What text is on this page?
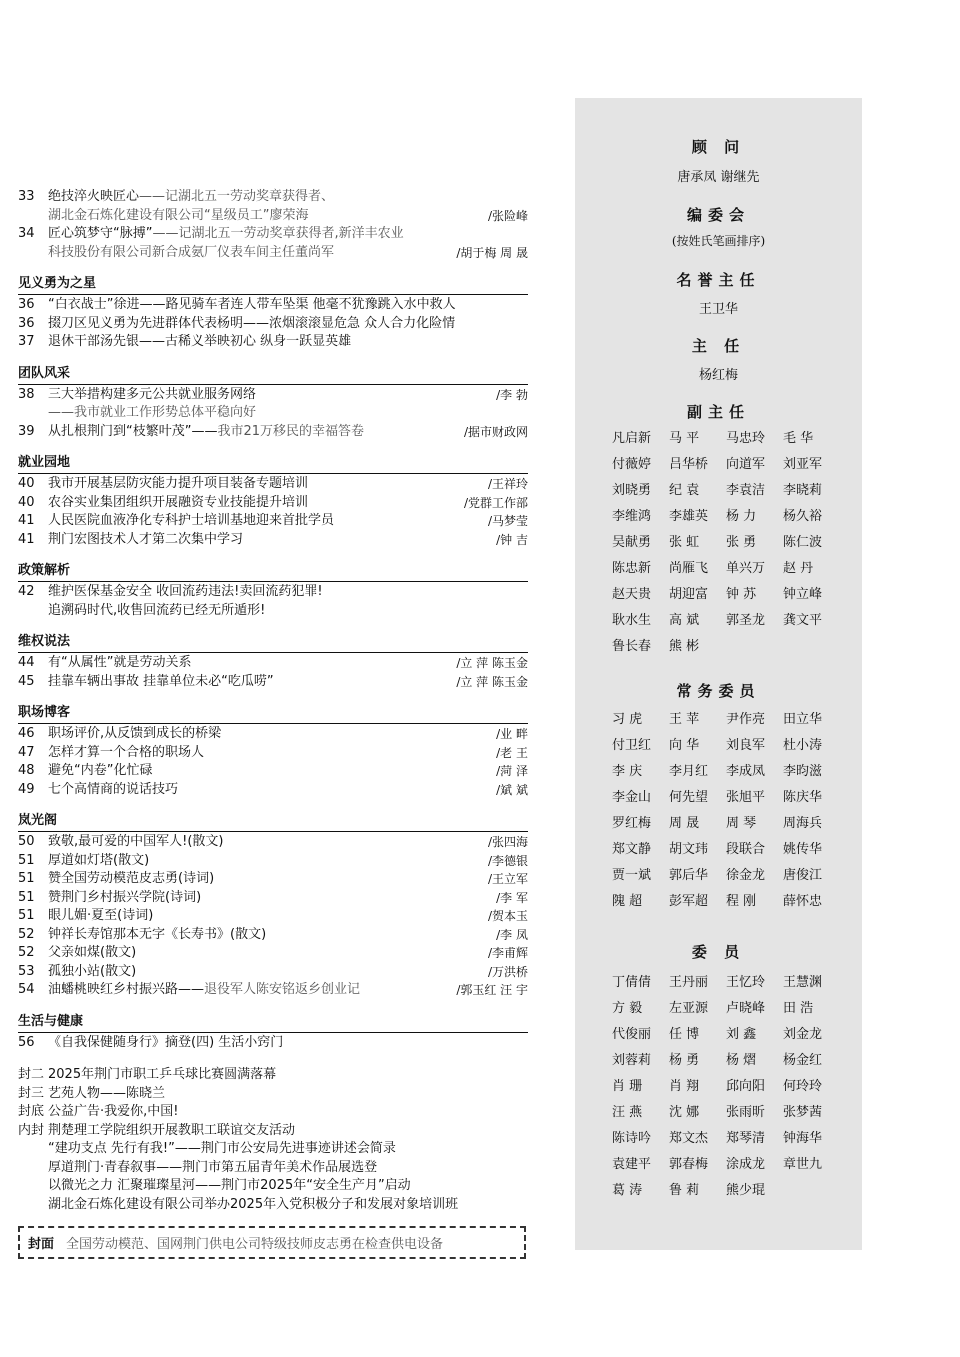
33	绝技淬火映匠心——记湖北五一劳动奖章获得者、
湖北金石炼化建设有限公司“星级员工”廖荣海	/张险峰
34	匠心筑梦守“脉搏”——记湖北五一劳动奖章获得者,新洋丰农业
科技股份有限公司新合成氨厂仪表车间主任董尚军	/胡于梅 周 晟
见义勇为之星
36	“白衣战士”徐进——路见骑车者连人带车坠渠 他毫不犹豫跳入水中救人
36	掇刀区见义勇为先进群体代表杨明——浓烟滚滚显危急 众人合力化险情
37	退休干部汤先银——古稀义举映初心 纵身一跃显英雄
团队风采
38	三大举措构建多元公共就业服务网络	/李 勃
——我市就业工作形势总体平稳向好
39	从扎根荆门到“枝繁叶茂”——我市21万移民的幸福答卷	/据市财政网
就业园地
40	我市开展基层防灾能力提升项目装备专题培训	/王祥玲
40	农谷实业集团组织开展融资专业技能提升培训	/党群工作部
41	人民医院血液净化专科护士培训基地迎来首批学员	/马梦莹
41	荆门宏图技术人才第二次集中学习	/钟 吉
政策解析
42	维护医保基金安全 收回流药违法!卖回流药犯罪!
追溯码时代,收售回流药已经无所遁形!
维权说法
44	有“从属性”就是劳动关系	/立 萍 陈玉金
45	挂靠车辆出事故 挂靠单位未必“吃瓜唠”	/立 萍 陈玉金
职场博客
46	职场评价,从反馈到成长的桥梁	/业 畔
47	怎样才算一个合格的职场人	/老 王
48	避免“内卷”化忙碌	/菏 泽
49	七个高情商的说话技巧	/斌 斌
岚光阁
50	致敬,最可爱的中国军人!(散文)	/张四海
51	厚道如灯塔(散文)	/李德银
51	赞全国劳动模范皮志勇(诗词)	/王立军
51	赞荆门乡村振兴学院(诗词)	/李 军
51	眼儿媚·夏至(诗词)	/贺本玉
52	钟祥长寿馆那本无字《长寿书》(散文)	/李 凤
52	父亲如煤(散文)	/李甫辉
53	孤独小站(散文)	/万洪桥
54	油蟠桃映红乡村振兴路——退役军人陈安铭返乡创业记	/郭玉红 汪 宇
生活与健康
56	《自我保健随身行》摘登(四) 生活小窍门
封二 2025年荆门市职工乒乓球比赛圆满落幕
封三 艺苑人物——陈晓兰
封底 公益广告·我爱你,中国!
内封 荆楚理工学院组织开展教职工联谊交友活动
“建功支点 先行有我!”——荆门市公安局先进事迹讲述会简录
厚道荆门·青春叙事——荆门市第五届青年美术作品展选登
以微光之力 汇聚璀璨星河——荆门市2025年“安全生产月”启动
湖北金石炼化建设有限公司举办2025年入党积极分子和发展对象培训班
封面 全国劳动模范、国网荆门供电公司特级技师皮志勇在检查供电设备
顾 问
唐承凤 谢继先
编委会
(按姓氏笔画排序)
名誉主任
王卫华
主 任
杨红梅
副主任
凡启新	马 平	马忠玲	毛 华
付薇婷	吕华桥	向道军	刘亚军
刘晓勇	纪 袁	李袁洁	李晓莉
李维鸿	李雄英	杨 力	杨久裕
吴献勇	张 虹	张 勇	陈仁波
陈忠新	尚雁飞	单兴万	赵 丹
赵天贵	胡迎富	钟 苏	钟立峰
耿水生	高 斌	郭圣龙	龚文平
鲁长春	熊 彬
常务委员
习 虎	王 苹	尹作亮	田立华
付卫红	向 华	刘良军	杜小涛
李 庆	李月红	李成凤	李昀滋
李金山	何先望	张旭平	陈庆华
罗红梅	周 晟	周 琴	周海兵
郑文静	胡文玮	段联合	姚传华
贾一斌	郭后华	徐金龙	唐俊江
隗 超	彭军超	程 刚	薛怀忠
委 员
丁倩倩	王丹丽	王忆玲	王慧渊
方 毅	左亚源	卢晓峰	田 浩
代俊丽	任 博	刘 鑫	刘金龙
刘蓉莉	杨 勇	杨 熠	杨金红
肖 珊	肖 翔	邱向阳	何玲玲
汪 燕	沈 娜	张雨昕	张梦茜
陈诗吟	郑文杰	郑琴清	钟海华
袁建平	郭春梅	涂成龙	章世九
葛 涛	鲁 莉	熊少琨
